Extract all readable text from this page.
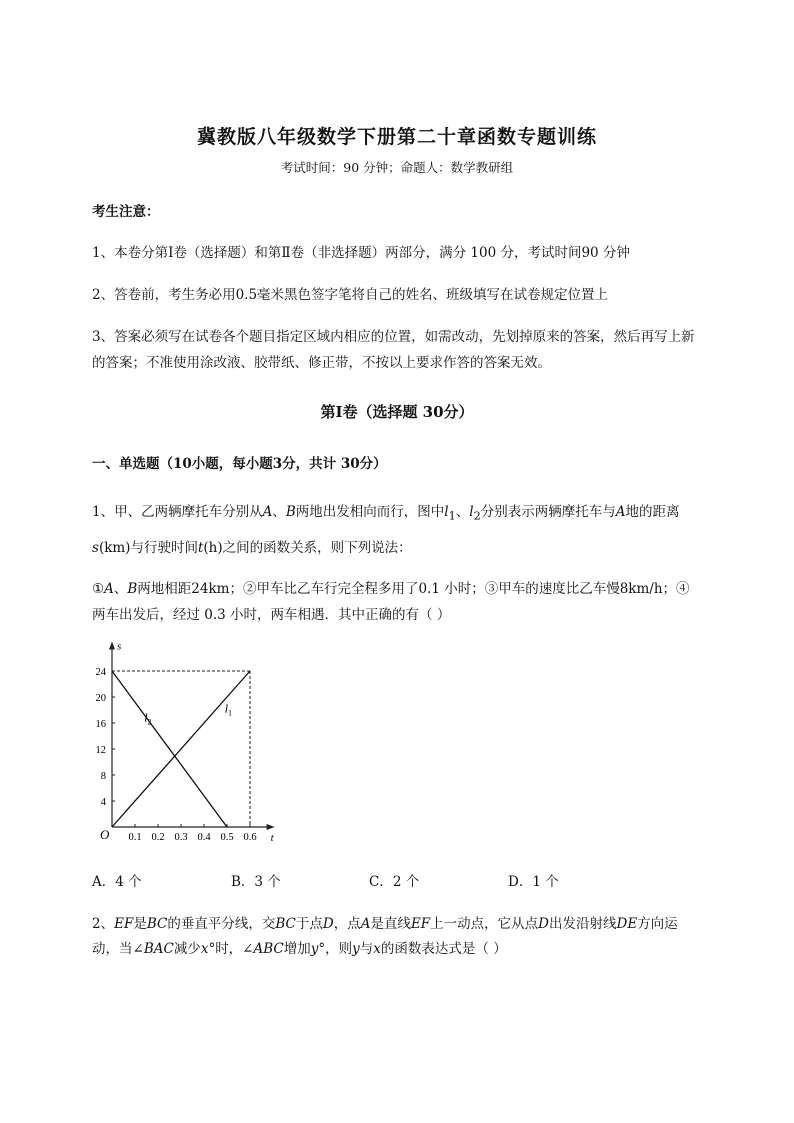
冀教版八年级数学下册第二十章函数专题训练
考试时间：90 分钟；命题人：数学教研组
考生注意：
1、本卷分第Ⅰ卷（选择题）和第Ⅱ卷（非选择题）两部分，满分 100 分，考试时间90 分钟
2、答卷前，考生务必用0.5毫米黑色签字笔将自己的姓名、班级填写在试卷规定位置上
3、答案必须写在试卷各个题目指定区域内相应的位置，如需改动，先划掉原来的答案，然后再写上新
的答案；不准使用涂改液、胶带纸、修正带，不按以上要求作答的答案无效。
第Ⅰ卷（选择题 30分）
一、单选题（10小题，每小题3分，共计 30分）
1、甲、乙两辆摩托车分别从A、B两地出发相向而行，图中$l_1$、$l_2$分别表示两辆摩托车与A地的距离
s(km)与行驶时间t(h)之间的函数关系，则下列说法：
①A、B两地相距24km；②甲车比乙车行完全程多用了0.1 小时；③甲车的速度比乙车慢8km/h；④
两车出发后，经过 0.3 小时，两车相遇．其中正确的有（ ）
t
s
O 0.1 0.2 0.3 0.4 0.5 0.6
4
8
12
16
20
24
$l_1$
$l_2$
A．4 个	B．3 个	C．2 个	D．1 个
2、EF是BC的垂直平分线，交BC于点D，点A是直线EF上一动点，它从点D出发沿射线DE方向运
动，当∠BAC减少x°时，∠ABC增加y°，则y与x的函数表达式是（ ）
